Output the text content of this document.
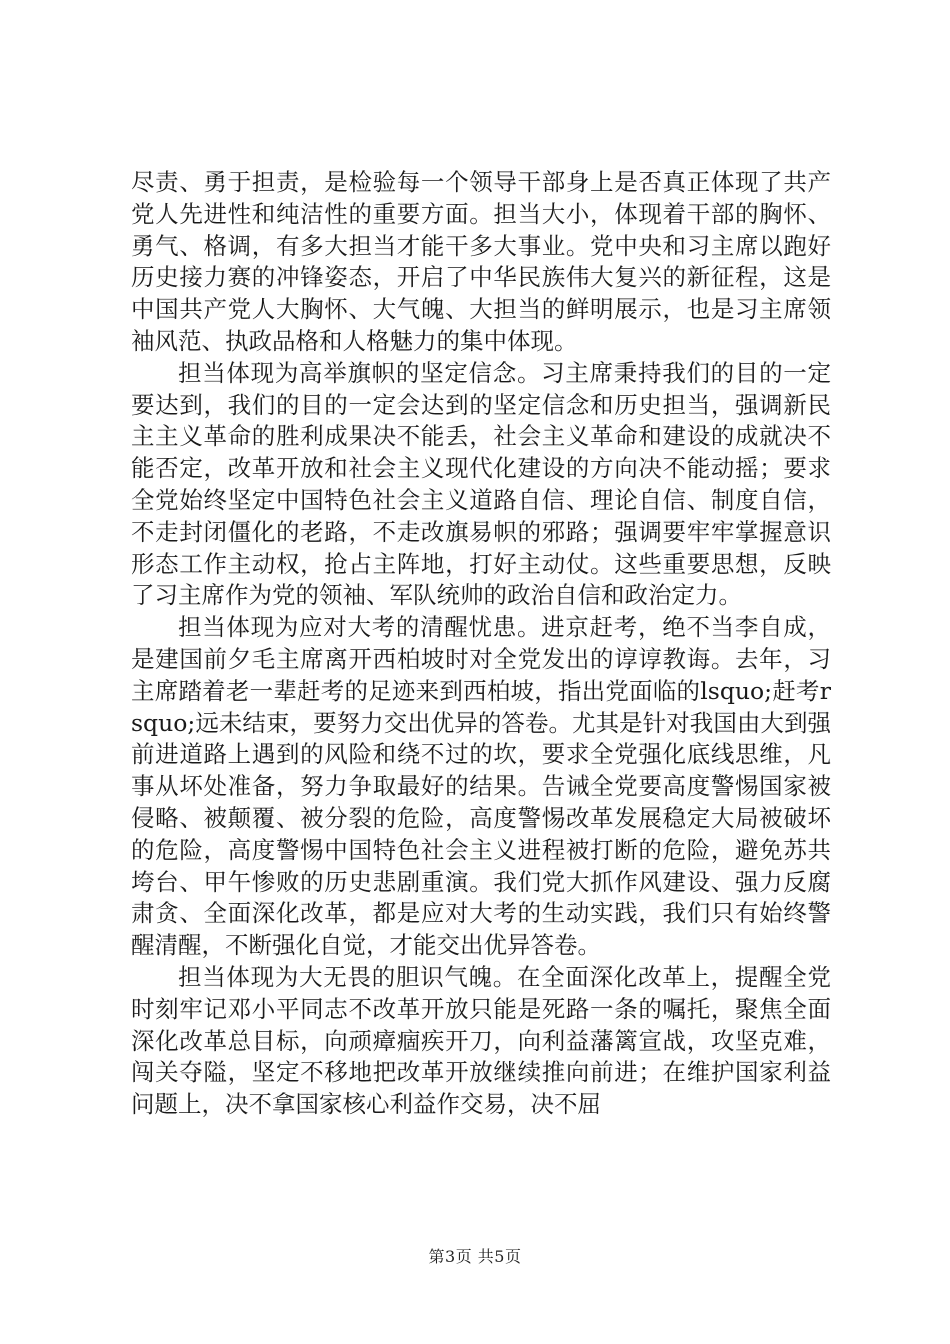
尽责、勇于担责，是检验每一个领导干部身上是否真正体现了共产党人先进性和纯洁性的重要方面。担当大小，体现着干部的胸怀、勇气、格调，有多大担当才能干多大事业。党中央和习主席以跑好历史接力赛的冲锋姿态，开启了中华民族伟大复兴的新征程，这是中国共产党人大胸怀、大气魄、大担当的鲜明展示，也是习主席领袖风范、执政品格和人格魅力的集中体现。

担当体现为高举旗帜的坚定信念。习主席秉持我们的目的一定要达到，我们的目的一定会达到的坚定信念和历史担当，强调新民主主义革命的胜利成果决不能丢，社会主义革命和建设的成就决不能否定，改革开放和社会主义现代化建设的方向决不能动摇；要求全党始终坚定中国特色社会主义道路自信、理论自信、制度自信，不走封闭僵化的老路，不走改旗易帜的邪路；强调要牢牢掌握意识形态工作主动权，抢占主阵地，打好主动仗。这些重要思想，反映了习主席作为党的领袖、军队统帅的政治自信和政治定力。

担当体现为应对大考的清醒忧患。进京赶考，绝不当李自成，是建国前夕毛主席离开西柏坡时对全党发出的谆谆教诲。去年，习主席踏着老一辈赶考的足迹来到西柏坡，指出党面临的lsquo;赶考rsquo;远未结束，要努力交出优异的答卷。尤其是针对我国由大到强前进道路上遇到的风险和绕不过的坎，要求全党强化底线思维，凡事从坏处准备，努力争取最好的结果。告诫全党要高度警惕国家被侵略、被颠覆、被分裂的危险，高度警惕改革发展稳定大局被破坏的危险，高度警惕中国特色社会主义进程被打断的危险，避免苏共垮台、甲午惨败的历史悲剧重演。我们党大抓作风建设、强力反腐肃贪、全面深化改革，都是应对大考的生动实践，我们只有始终警醒清醒，不断强化自觉，才能交出优异答卷。

担当体现为大无畏的胆识气魄。在全面深化改革上，提醒全党时刻牢记邓小平同志不改革开放只能是死路一条的嘱托，聚焦全面深化改革总目标，向顽瘴痼疾开刀，向利益藩篱宣战，攻坚克难，闯关夺隘，坚定不移地把改革开放继续推向前进；在维护国家利益问题上，决不拿国家核心利益作交易，决不屈

第3页 共5页
